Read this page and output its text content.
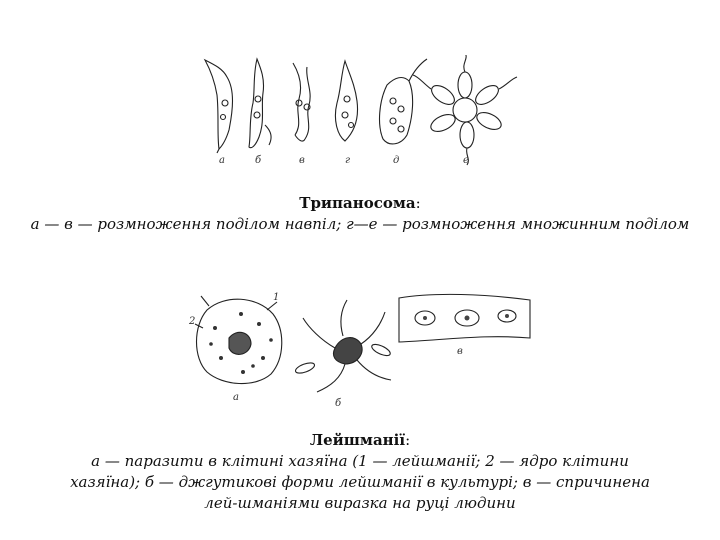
а	б	в	г	д	е
Трипаносома:
а — в — розмноження поділом навпіл; г—е — розмноження множинним поділом
а
б
в
1
2
Лейшманії:
а — паразити в клітині хазяїна (1 — лейшманії; 2 — ядро клітини
хазяїна); б — джгутикові форми лейшманії в культурі; в — спричинена
лей-шманіями виразка на руці людини
